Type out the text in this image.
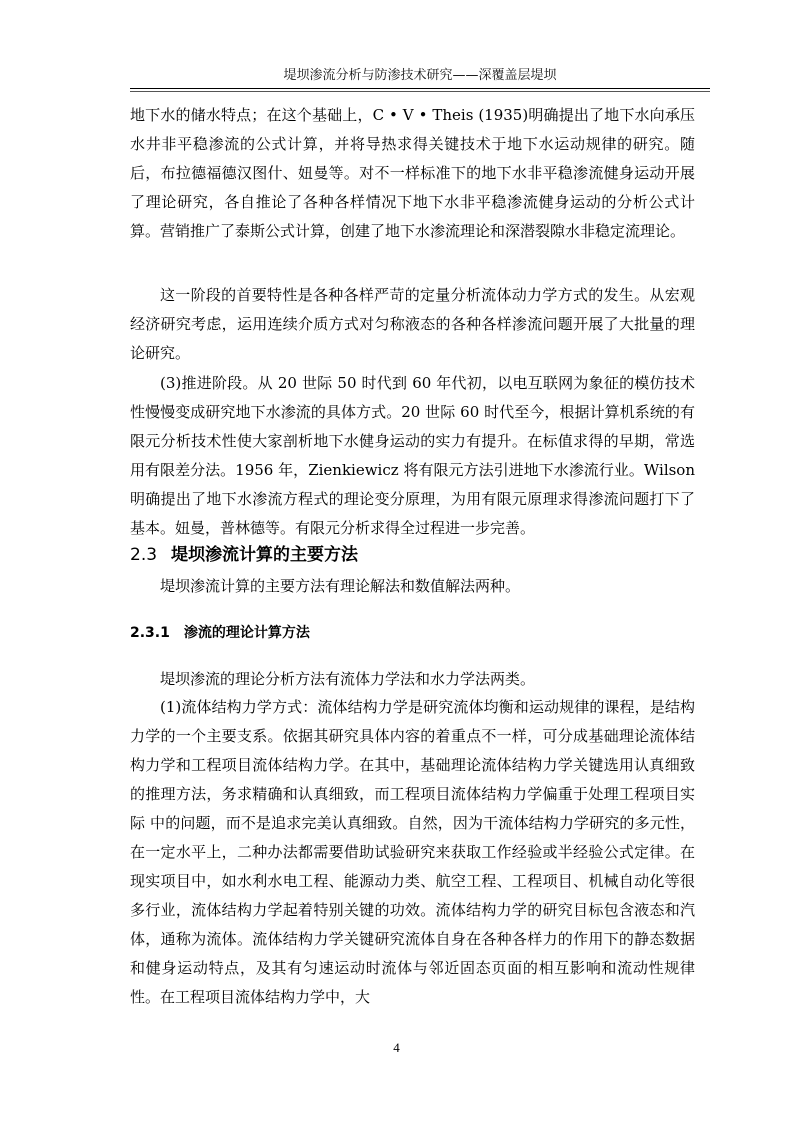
堤坝渗流分析与防渗技术研究——深覆盖层堤坝

地下水的储水特点；在这个基础上，C • V • Theis (1935)明确提出了地下水向承压水井非平稳渗流的公式计算，并将导热求得关键技术于地下水运动规律的研究。随后，布拉德福德汉图什、妞曼等。对不一样标准下的地下水非平稳渗流健身运动开展了理论研究，各自推论了各种各样情况下地下水非平稳渗流健身运动的分析公式计算。营销推广了泰斯公式计算，创建了地下水渗流理论和深潜裂隙水非稳定流理论。

这一阶段的首要特性是各种各样严苛的定量分析流体动力学方式的发生。从宏观经济研究考虑，运用连续介质方式对匀称液态的各种各样渗流问题开展了大批量的理论研究。

(3)推进阶段。从 20 世际 50 时代到 60 年代初，以电互联网为象征的模仿技术性慢慢变成研究地下水渗流的具体方式。20 世际 60 时代至今，根据计算机系统的有限元分析技术性使大家剖析地下水健身运动的实力有提升。在标值求得的早期，常选用有限差分法。1956 年，Zienkiewicz 将有限元方法引进地下水渗流行业。Wilson 明确提出了地下水渗流方程式的理论变分原理，为用有限元原理求得渗流问题打下了基本。妞曼，普林德等。有限元分析求得全过程进一步完善。

2.3 堤坝渗流计算的主要方法

堤坝渗流计算的主要方法有理论解法和数值解法两种。

2.3.1 渗流的理论计算方法

堤坝渗流的理论分析方法有流体力学法和水力学法两类。

(1)流体结构力学方式：流体结构力学是研究流体均衡和运动规律的课程，是结构力学的一个主要支系。依据其研究具体内容的着重点不一样，可分成基础理论流体结构力学和工程项目流体结构力学。在其中，基础理论流体结构力学关键选用认真细致的推理方法，务求精确和认真细致，而工程项目流体结构力学偏重于处理工程项目实际 中的问题，而不是追求完美认真细致。自然，因为干流体结构力学研究的多元性，在一定水平上，二种办法都需要借助试验研究来获取工作经验或半经验公式定律。在现实项目中，如水利水电工程、能源动力类、航空工程、工程项目、机械自动化等很多行业，流体结构力学起着特别关键的功效。流体结构力学的研究目标包含液态和汽体，通称为流体。流体结构力学关键研究流体自身在各种各样力的作用下的静态数据和健身运动特点，及其有匀速运动时流体与邻近固态页面的相互影响和流动性规律性。在工程项目流体结构力学中，大

4
